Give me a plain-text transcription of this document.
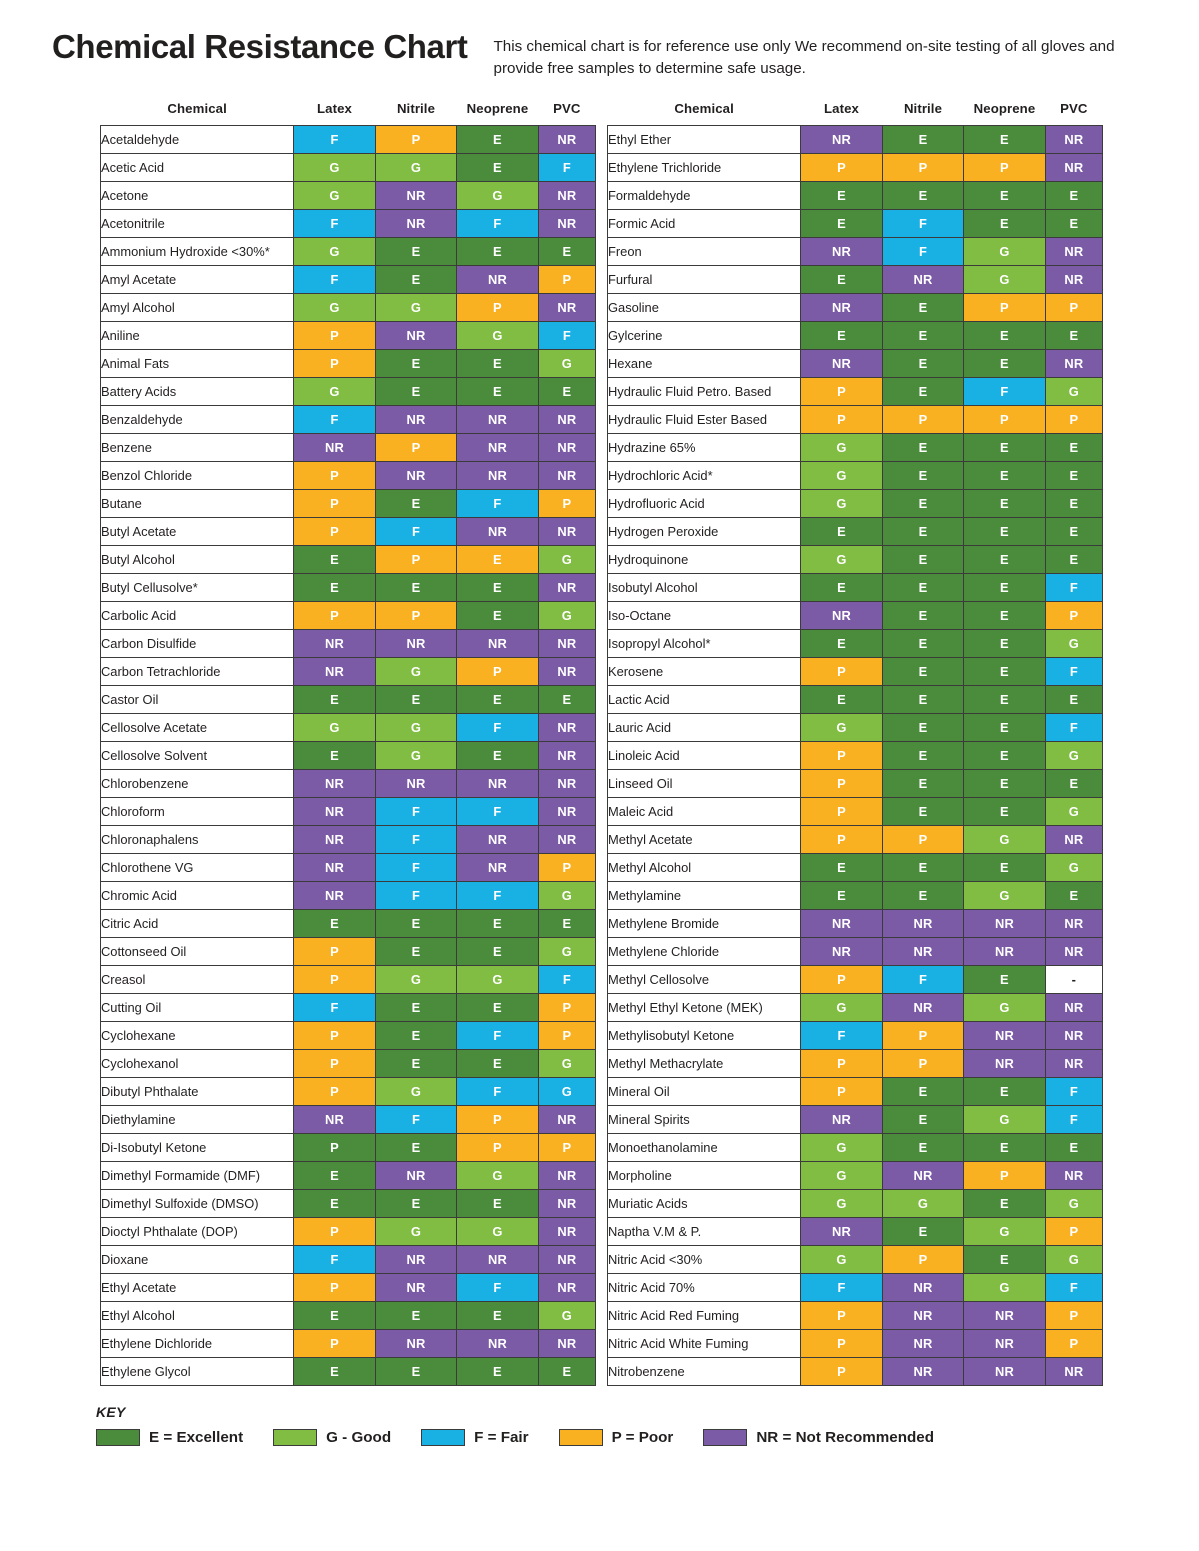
Chemical Resistance Chart	This chemical chart is for reference use only We recommend on-site testing of all gloves and provide free samples to determine safe usage.
Chemical	Latex	Nitrile	Neoprene	PVC
Acetaldehyde	F	P	E	NR
Acetic Acid	G	G	E	F
Acetone	G	NR	G	NR
Acetonitrile	F	NR	F	NR
Ammonium Hydroxide <30%*	G	E	E	E
Amyl Acetate	F	E	NR	P
Amyl Alcohol	G	G	P	NR
Aniline	P	NR	G	F
Animal Fats	P	E	E	G
Battery Acids	G	E	E	E
Benzaldehyde	F	NR	NR	NR
Benzene	NR	P	NR	NR
Benzol Chloride	P	NR	NR	NR
Butane	P	E	F	P
Butyl Acetate	P	F	NR	NR
Butyl Alcohol	E	P	E	G
Butyl Cellusolve*	E	E	E	NR
Carbolic Acid	P	P	E	G
Carbon Disulfide	NR	NR	NR	NR
Carbon Tetrachloride	NR	G	P	NR
Castor Oil	E	E	E	E
Cellosolve Acetate	G	G	F	NR
Cellosolve Solvent	E	G	E	NR
Chlorobenzene	NR	NR	NR	NR
Chloroform	NR	F	F	NR
Chloronaphalens	NR	F	NR	NR
Chlorothene VG	NR	F	NR	P
Chromic Acid	NR	F	F	G
Citric Acid	E	E	E	E
Cottonseed Oil	P	E	E	G
Creasol	P	G	G	F
Cutting Oil	F	E	E	P
Cyclohexane	P	E	F	P
Cyclohexanol	P	E	E	G
Dibutyl Phthalate	P	G	F	G
Diethylamine	NR	F	P	NR
Di-Isobutyl Ketone	P	E	P	P
Dimethyl Formamide (DMF)	E	NR	G	NR
Dimethyl Sulfoxide (DMSO)	E	E	E	NR
Dioctyl Phthalate (DOP)	P	G	G	NR
Dioxane	F	NR	NR	NR
Ethyl Acetate	P	NR	F	NR
Ethyl Alcohol	E	E	E	G
Ethylene Dichloride	P	NR	NR	NR
Ethylene Glycol	E	E	E	E
Chemical	Latex	Nitrile	Neoprene	PVC
Ethyl Ether	NR	E	E	NR
Ethylene Trichloride	P	P	P	NR
Formaldehyde	E	E	E	E
Formic Acid	E	F	E	E
Freon	NR	F	G	NR
Furfural	E	NR	G	NR
Gasoline	NR	E	P	P
Gylcerine	E	E	E	E
Hexane	NR	E	E	NR
Hydraulic Fluid Petro. Based	P	E	F	G
Hydraulic Fluid Ester Based	P	P	P	P
Hydrazine 65%	G	E	E	E
Hydrochloric Acid*	G	E	E	E
Hydrofluoric Acid	G	E	E	E
Hydrogen Peroxide	E	E	E	E
Hydroquinone	G	E	E	E
Isobutyl Alcohol	E	E	E	F
Iso-Octane	NR	E	E	P
Isopropyl Alcohol*	E	E	E	G
Kerosene	P	E	E	F
Lactic Acid	E	E	E	E
Lauric Acid	G	E	E	F
Linoleic Acid	P	E	E	G
Linseed Oil	P	E	E	E
Maleic Acid	P	E	E	G
Methyl Acetate	P	P	G	NR
Methyl Alcohol	E	E	E	G
Methylamine	E	E	G	E
Methylene Bromide	NR	NR	NR	NR
Methylene Chloride	NR	NR	NR	NR
Methyl Cellosolve	P	F	E	-
Methyl Ethyl Ketone (MEK)	G	NR	G	NR
Methylisobutyl Ketone	F	P	NR	NR
Methyl Methacrylate	P	P	NR	NR
Mineral Oil	P	E	E	F
Mineral Spirits	NR	E	G	F
Monoethanolamine	G	E	E	E
Morpholine	G	NR	P	NR
Muriatic Acids	G	G	E	G
Naptha V.M & P.	NR	E	G	P
Nitric Acid <30%	G	P	E	G
Nitric Acid 70%	F	NR	G	F
Nitric Acid Red Fuming	P	NR	NR	P
Nitric Acid White Fuming	P	NR	NR	P
Nitrobenzene	P	NR	NR	NR
KEY
E = Excellent	G - Good	F = Fair	P = Poor	NR = Not Recommended
